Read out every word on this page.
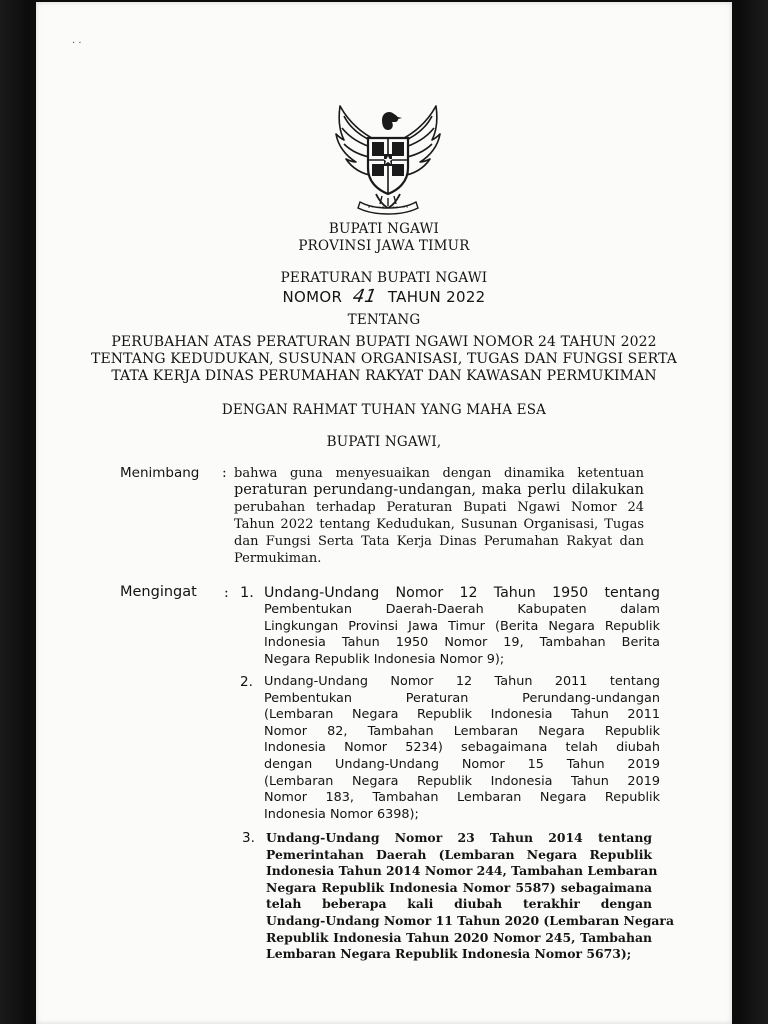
· ·
BUPATI NGAWI
PROVINSI JAWA TIMUR
PERATURAN BUPATI NGAWI
NOMOR 41 TAHUN 2022
TENTANG
PERUBAHAN ATAS PERATURAN BUPATI NGAWI NOMOR 24 TAHUN 2022
TENTANG KEDUDUKAN, SUSUNAN ORGANISASI, TUGAS DAN FUNGSI SERTA
TATA KERJA DINAS PERUMAHAN RAKYAT DAN KAWASAN PERMUKIMAN
DENGAN RAHMAT TUHAN YANG MAHA ESA
BUPATI NGAWI,
Menimbang : bahwa guna menyesuaikan dengan dinamika ketentuan
peraturan perundang-undangan, maka perlu dilakukan
perubahan terhadap Peraturan Bupati Ngawi Nomor 24
Tahun 2022 tentang Kedudukan, Susunan Organisasi, Tugas
dan Fungsi Serta Tata Kerja Dinas Perumahan Rakyat dan
Permukiman.
Mengingat : 1. Undang-Undang Nomor 12 Tahun 1950 tentang
Pembentukan Daerah-Daerah Kabupaten dalam
Lingkungan Provinsi Jawa Timur (Berita Negara Republik
Indonesia Tahun 1950 Nomor 19, Tambahan Berita
Negara Republik Indonesia Nomor 9);
2. Undang-Undang Nomor 12 Tahun 2011 tentang
Pembentukan Peraturan Perundang-undangan
(Lembaran Negara Republik Indonesia Tahun 2011
Nomor 82, Tambahan Lembaran Negara Republik
Indonesia Nomor 5234) sebagaimana telah diubah
dengan Undang-Undang Nomor 15 Tahun 2019
(Lembaran Negara Republik Indonesia Tahun 2019
Nomor 183, Tambahan Lembaran Negara Republik
Indonesia Nomor 6398);
3. Undang-Undang Nomor 23 Tahun 2014 tentang
Pemerintahan Daerah (Lembaran Negara Republik
Indonesia Tahun 2014 Nomor 244, Tambahan Lembaran
Negara Republik Indonesia Nomor 5587) sebagaimana
telah beberapa kali diubah terakhir dengan
Undang-Undang Nomor 11 Tahun 2020 (Lembaran Negara
Republik Indonesia Tahun 2020 Nomor 245, Tambahan
Lembaran Negara Republik Indonesia Nomor 5673);
